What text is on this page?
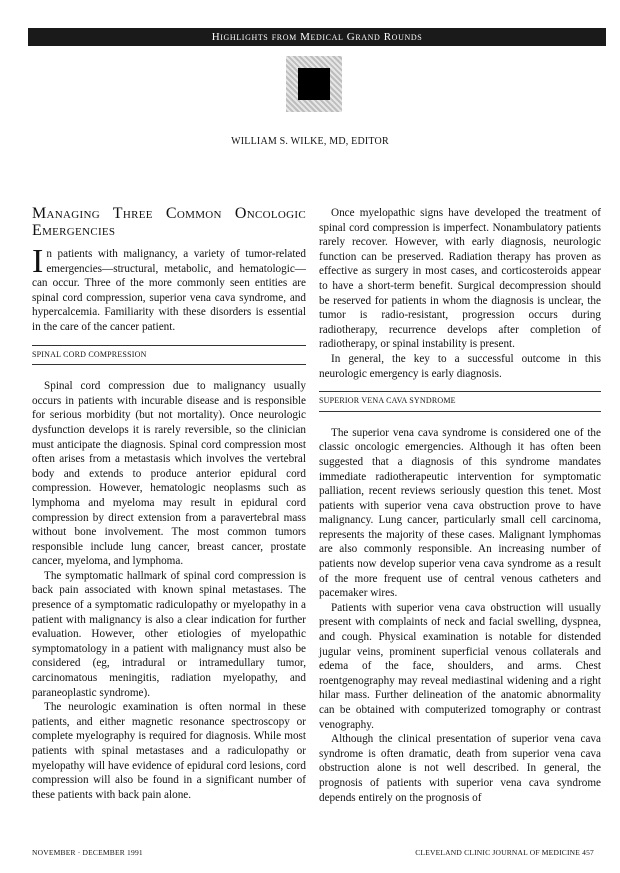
Highlights from Medical Grand Rounds
WILLIAM S. WILKE, MD, EDITOR
Managing Three Common Oncologic Emergencies

In patients with malignancy, a variety of tumor-related emergencies—structural, metabolic, and hematologic—can occur. Three of the more commonly seen entities are spinal cord compression, superior vena cava syndrome, and hypercalcemia. Familiarity with these disorders is essential in the care of the cancer patient.

SPINAL CORD COMPRESSION

Spinal cord compression due to malignancy usually occurs in patients with incurable disease and is responsible for serious morbidity (but not mortality). Once neurologic dysfunction develops it is rarely reversible, so the clinician must anticipate the diagnosis. Spinal cord compression most often arises from a metastasis which involves the vertebral body and extends to produce anterior epidural cord compression. However, hematologic neoplasms such as lymphoma and myeloma may result in epidural cord compression by direct extension from a paravertebral mass without bone involvement. The most common tumors responsible include lung cancer, breast cancer, prostate cancer, myeloma, and lymphoma.

The symptomatic hallmark of spinal cord compression is back pain associated with known spinal metastases. The presence of a symptomatic radiculopathy or myelopathy in a patient with malignancy is also a clear indication for further evaluation. However, other etiologies of myelopathic symptomatology in a patient with malignancy must also be considered (eg, intradural or intramedullary tumor, carcinomatous meningitis, radiation myelopathy, and paraneoplastic syndrome).

The neurologic examination is often normal in these patients, and either magnetic resonance spectroscopy or complete myelography is required for diagnosis. While most patients with spinal metastases and a radiculopathy or myelopathy will have evidence of epidural cord lesions, cord compression will also be found in a significant number of these patients with back pain alone.

Once myelopathic signs have developed the treatment of spinal cord compression is imperfect. Nonambulatory patients rarely recover. However, with early diagnosis, neurologic function can be preserved. Radiation therapy has proven as effective as surgery in most cases, and corticosteroids appear to have a short-term benefit. Surgical decompression should be reserved for patients in whom the diagnosis is unclear, the tumor is radio-resistant, progression occurs during radiotherapy, recurrence develops after completion of radiotherapy, or spinal instability is present.

In general, the key to a successful outcome in this neurologic emergency is early diagnosis.

SUPERIOR VENA CAVA SYNDROME

The superior vena cava syndrome is considered one of the classic oncologic emergencies. Although it has often been suggested that a diagnosis of this syndrome mandates immediate radiotherapeutic intervention for symptomatic palliation, recent reviews seriously question this tenet. Most patients with superior vena cava obstruction prove to have malignancy. Lung cancer, particularly small cell carcinoma, represents the majority of these cases. Malignant lymphomas are also commonly responsible. An increasing number of patients now develop superior vena cava syndrome as a result of the more frequent use of central venous catheters and pacemaker wires.

Patients with superior vena cava obstruction will usually present with complaints of neck and facial swelling, dyspnea, and cough. Physical examination is notable for distended jugular veins, prominent superficial venous collaterals and edema of the face, shoulders, and arms. Chest roentgenography may reveal mediastinal widening and a right hilar mass. Further delineation of the anatomic abnormality can be obtained with computerized tomography or contrast venography.

Although the clinical presentation of superior vena cava syndrome is often dramatic, death from superior vena cava obstruction alone is not well described. In general, the prognosis of patients with superior vena cava syndrome depends entirely on the prognosis of

NOVEMBER · DECEMBER 1991	CLEVELAND CLINIC JOURNAL OF MEDICINE 457
